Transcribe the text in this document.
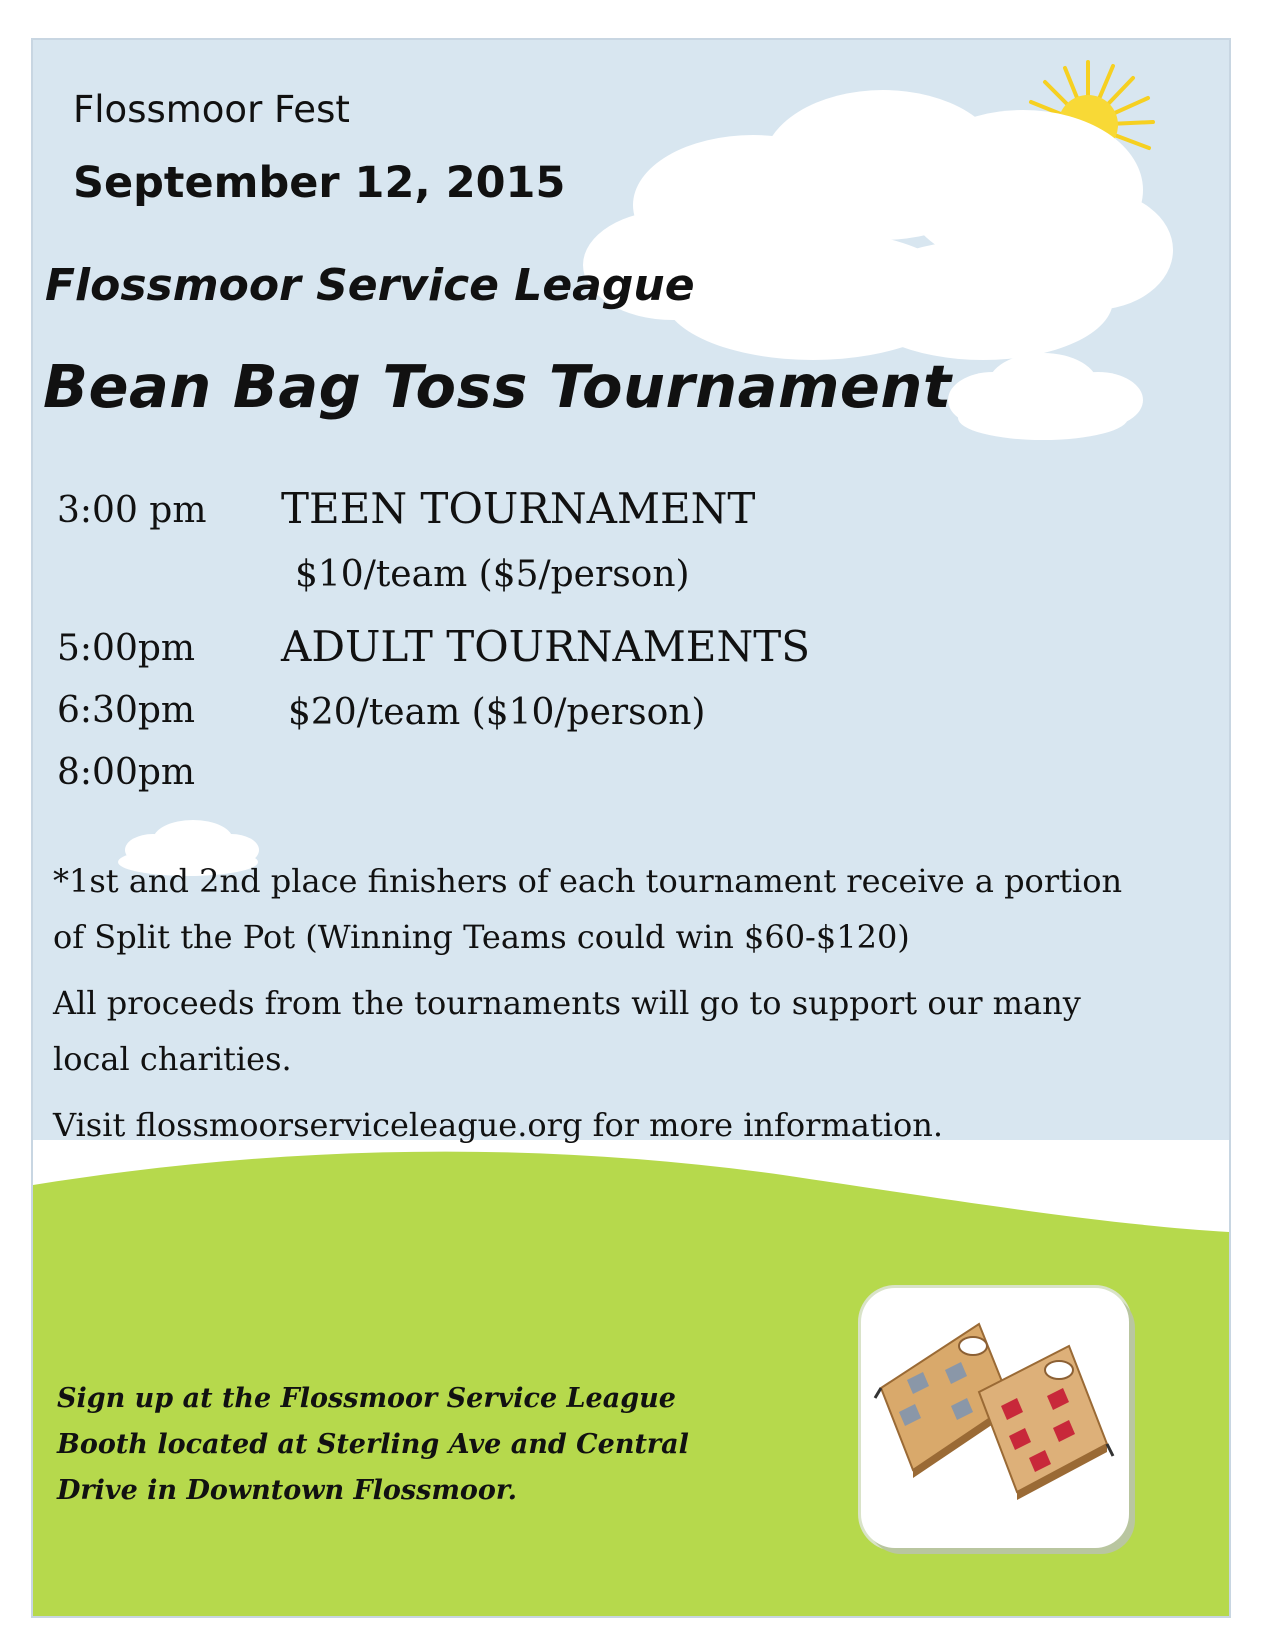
Flossmoor Fest
September 12, 2015
Flossmoor Service League
Bean Bag Toss Tournament
3:00 pm TEEN TOURNAMENT
$10/team ($5/person)
5:00pm ADULT TOURNAMENTS
6:30pm	$20/team ($10/person)
8:00pm
*1st and 2nd place finishers of each tournament receive a portion
of Split the Pot (Winning Teams could win $60-$120)
All proceeds from the tournaments will go to support our many
local charities.
Visit flossmoorserviceleague.org for more information.
Sign up at the Flossmoor Service League
Booth located at Sterling Ave and Central
Drive in Downtown Flossmoor.
